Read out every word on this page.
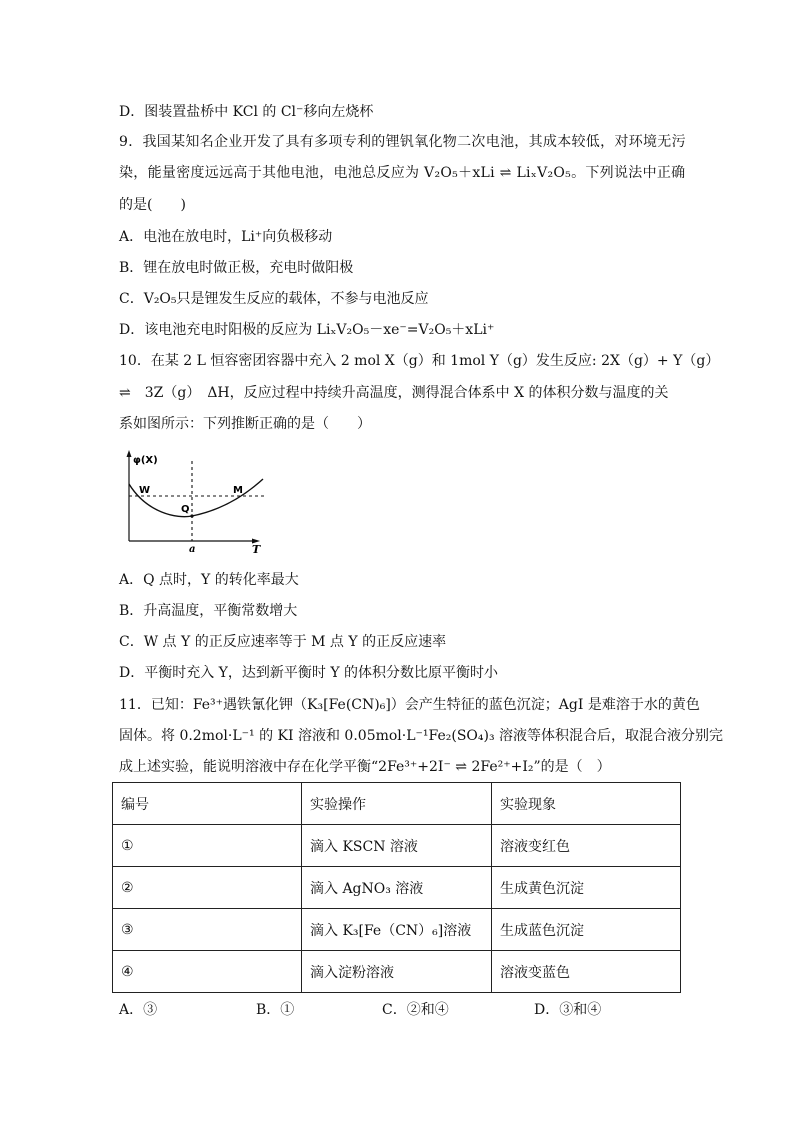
D．图装置盐桥中 KCl 的 Cl⁻移向左烧杯
9．我国某知名企业开发了具有多项专利的锂钒氧化物二次电池，其成本较低，对环境无污
染，能量密度远远高于其他电池，电池总反应为 V₂O₅＋xLi ⇌ LiₓV₂O₅。下列说法中正确
的是(　　)
A．电池在放电时，Li⁺向负极移动
B．锂在放电时做正极，充电时做阳极
C．V₂O₅只是锂发生反应的载体，不参与电池反应
D．该电池充电时阳极的反应为 LiₓV₂O₅－xe⁻=V₂O₅＋xLi⁺
10．在某 2 L 恒容密团容器中充入 2 mol X（g）和 1mol Y（g）发生反应: 2X（g）+ Y（g）
⇌　3Z（g）　ΔH，反应过程中持续升高温度，测得混合体系中 X 的体积分数与温度的关
系如图所示：下列推断正确的是（　　）
φ(X)
T
W	M
Q
a
A．Q 点时，Y 的转化率最大
B．升高温度，平衡常数增大
C．W 点 Y 的正反应速率等于 M 点 Y 的正反应速率
D．平衡时充入 Y，达到新平衡时 Y 的体积分数比原平衡时小
11．已知：Fe³⁺遇铁氰化钾（K₃[Fe(CN)₆]）会产生特征的蓝色沉淀；AgI 是难溶于水的黄色
固体。将 0.2mol·L⁻¹ 的 KI 溶液和 0.05mol·L⁻¹Fe₂(SO₄)₃ 溶液等体积混合后，取混合液分别完
成上述实验，能说明溶液中存在化学平衡“2Fe³⁺+2I⁻ ⇌ 2Fe²⁺+I₂”的是（　）
编号	实验操作	实验现象
①	滴入 KSCN 溶液	溶液变红色
②	滴入 AgNO₃ 溶液	生成黄色沉淀
③	滴入 K₃[Fe（CN）₆]溶液	生成蓝色沉淀
④	滴入淀粉溶液	溶液变蓝色
A．③	B．①	C．②和④	D．③和④
